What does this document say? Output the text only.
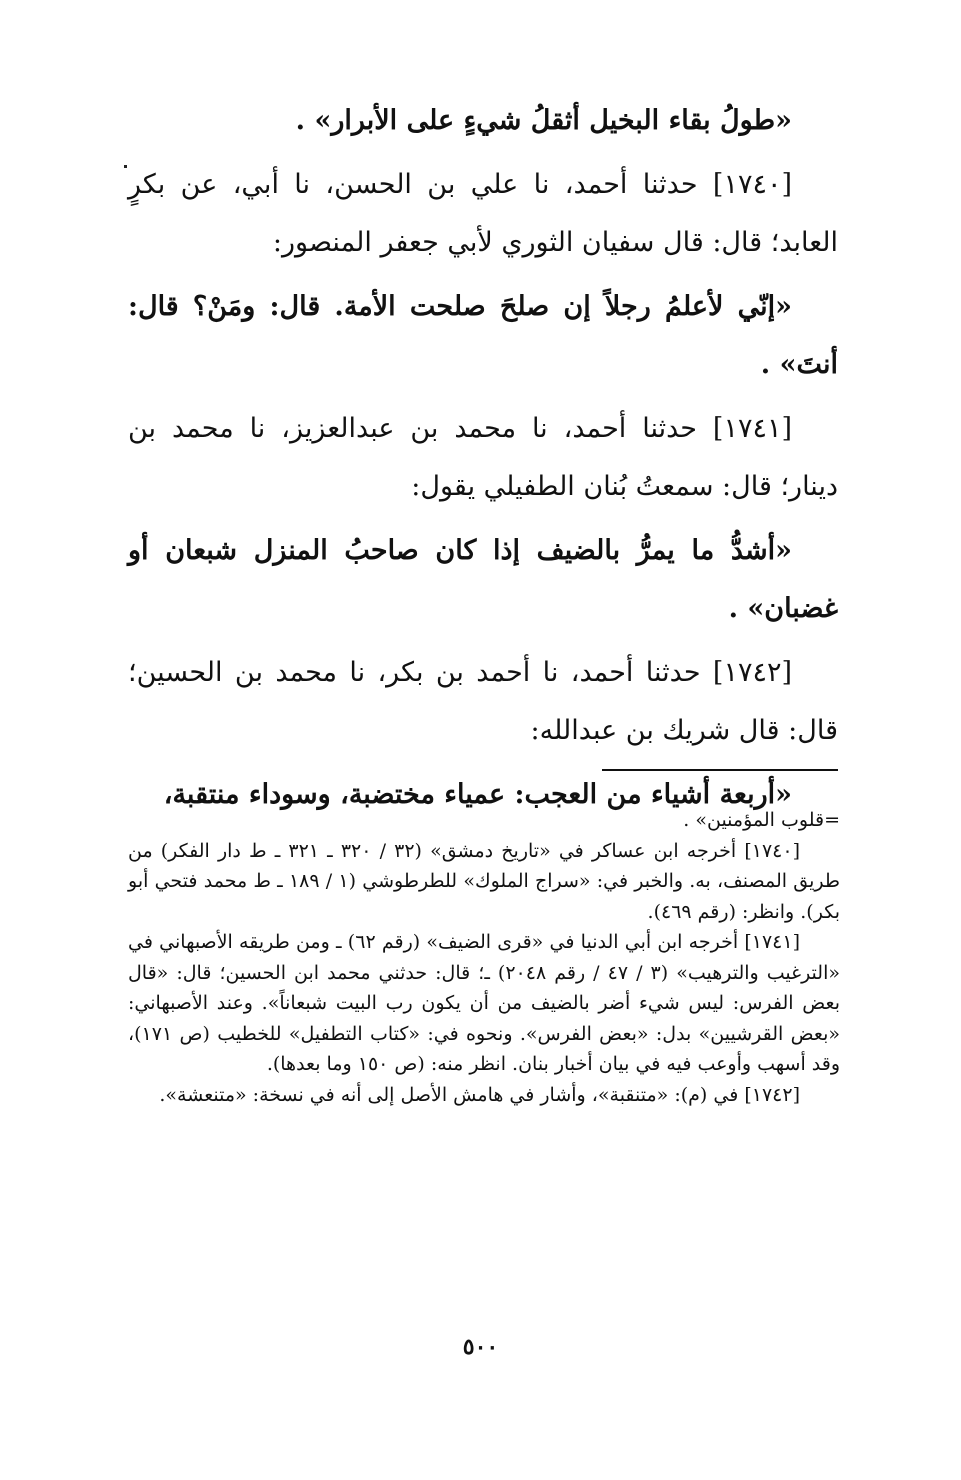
«طولُ بقاء البخيل أثقلُ شيءٍ على الأبرار» .

[١٧٤٠] حدثنا أحمد، نا علي بن الحسن، نا أبي، عن بكرٍ العابد؛ قال: قال سفيان الثوري لأبي جعفر المنصور:

«إنّي لأعلمُ رجلاً إن صلحَ صلحت الأمة. قال: ومَنْ؟ قال: أنتَ» .

[١٧٤١] حدثنا أحمد، نا محمد بن عبدالعزيز، نا محمد بن دينار؛ قال: سمعتُ بُنان الطفيلي يقول:

«أشدُّ ما يمرُّ بالضيف إذا كان صاحبُ المنزل شبعان أو غضبان» .

[١٧٤٢] حدثنا أحمد، نا أحمد بن بكر، نا محمد بن الحسين؛ قال: قال شريك بن عبدالله:

«أربعة أشياء من العجب: عمياء مختضبة، وسوداء منتقبة،

=قلوب المؤمنين» .

[١٧٤٠] أخرجه ابن عساكر في «تاريخ دمشق» (٣٢ / ٣٢٠ ـ ٣٢١ ـ ط دار الفكر) من طريق المصنف، به. والخبر في: «سراج الملوك» للطرطوشي (١ / ١٨٩ ـ ط محمد فتحي أبو بكر). وانظر: (رقم ٤٦٩).

[١٧٤١] أخرجه ابن أبي الدنيا في «قرى الضيف» (رقم ٦٢) ـ ومن طريقه الأصبهاني في «الترغيب والترهيب» (٣ / ٤٧ / رقم ٢٠٤٨) ـ؛ قال: حدثني محمد ابن الحسين؛ قال: «قال بعض الفرس: ليس شيء أضر بالضيف من أن يكون رب البيت شبعاناً». وعند الأصبهاني: «بعض القرشيين» بدل: «بعض الفرس». ونحوه في: «كتاب التطفيل» للخطيب (ص ١٧١)، وقد أسهب وأوعب فيه في بيان أخبار بنان. انظر منه: (ص ١٥٠ وما بعدها).

[١٧٤٢] في (م): «متنقبة»، وأشار في هامش الأصل إلى أنه في نسخة: «متنعشة».

٥٠٠
